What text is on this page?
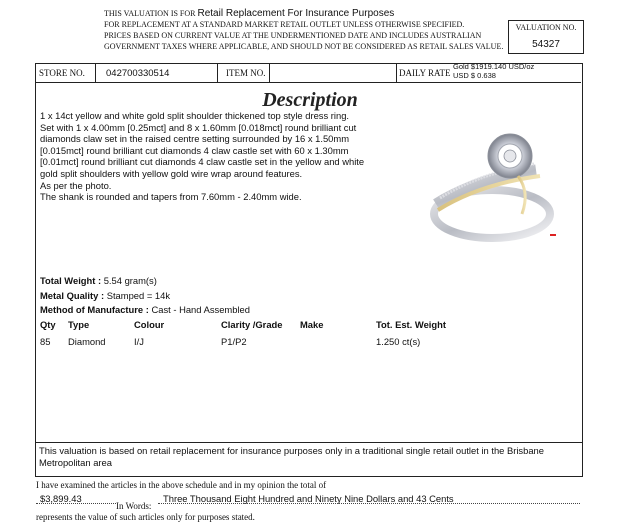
THIS VALUATION IS FOR Retail Replacement For Insurance Purposes
FOR REPLACEMENT AT A STANDARD MARKET RETAIL OUTLET UNLESS OTHERWISE SPECIFIED.
PRICES BASED ON CURRENT VALUE AT THE UNDERMENTIONED DATE AND INCLUDES AUSTRALIAN
GOVERNMENT TAXES WHERE APPLICABLE, AND SHOULD NOT BE CONSIDERED AS RETAIL SALES VALUE.
VALUATION NO.
54327
STORE NO. 042700330514	ITEM NO.	DAILY RATE
Gold $1919.140 USD/oz
USD $ 0.638
Description
1 x 14ct yellow and white gold split shoulder thickened top style dress ring.
Set with 1 x 4.00mm [0.25mct] and 8 x 1.60mm [0.018mct] round brilliant cut
diamonds claw set in the raised centre setting surrounded by 16 x 1.50mm
[0.015mct] round brilliant cut diamonds 4 claw castle set with 60 x 1.30mm
[0.01mct] round brilliant cut diamonds 4 claw castle set in the yellow and white
gold split shoulders with yellow gold wire wrap around features.
As per the photo.
The shank is rounded and tapers from 7.60mm - 2.40mm wide.
Total Weight : 5.54 gram(s)
Metal Quality : Stamped = 14k
Method of Manufacture : Cast - Hand Assembled
Qty Type	Colour	Clarity /Grade Make	Tot. Est. Weight
85 Diamond	I/J	P1/P2	1.250 ct(s)
This valuation is based on retail replacement for insurance purposes only in a traditional single retail outlet in the Brisbane Metropolitan area
I have examined the articles in the above schedule and in my opinion the total of
$3,899.43
In Words:
Three Thousand Eight Hundred and Ninety Nine Dollars and 43 Cents
represents the value of such articles only for purposes stated.
